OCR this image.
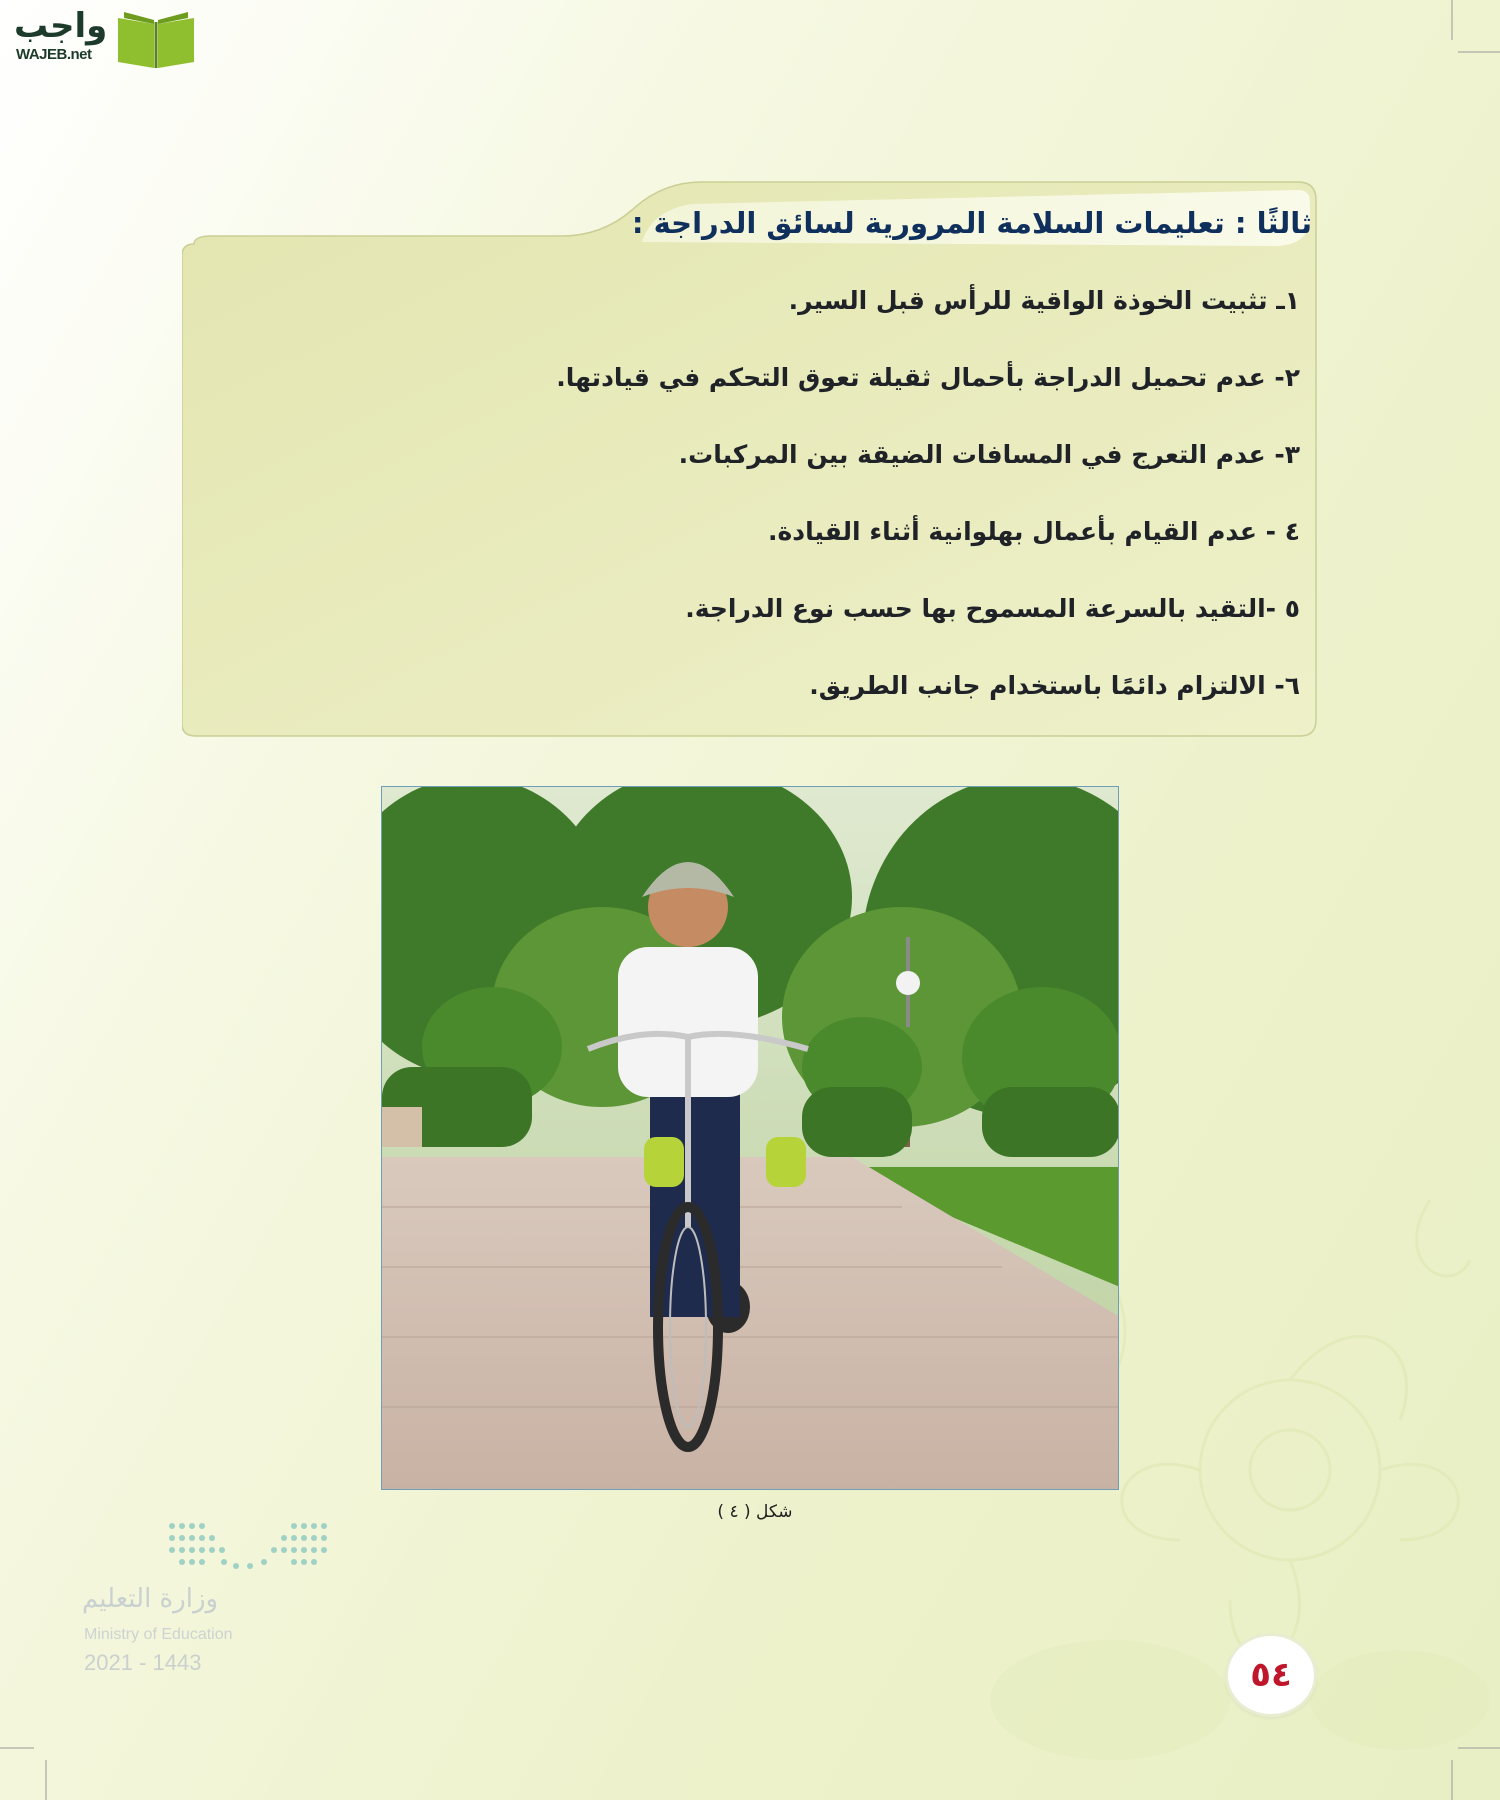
واجب
WAJEB.net
ثالثًا : تعليمات السلامة المرورية لسائق الدراجة :
١ـ تثبيت الخوذة الواقية للرأس قبل السير.
٢- عدم تحميل الدراجة بأحمال ثقيلة تعوق التحكم في قيادتها.
٣- عدم التعرج في المسافات الضيقة بين المركبات.
٤ - عدم القيام بأعمال بهلوانية أثناء القيادة.
٥ -التقيد بالسرعة المسموح بها حسب نوع الدراجة.
٦- الالتزام دائمًا باستخدام جانب الطريق.
شكل ( ٤ )
وزارة التعليم
Ministry of Education
2021 - 1443	٥٤
